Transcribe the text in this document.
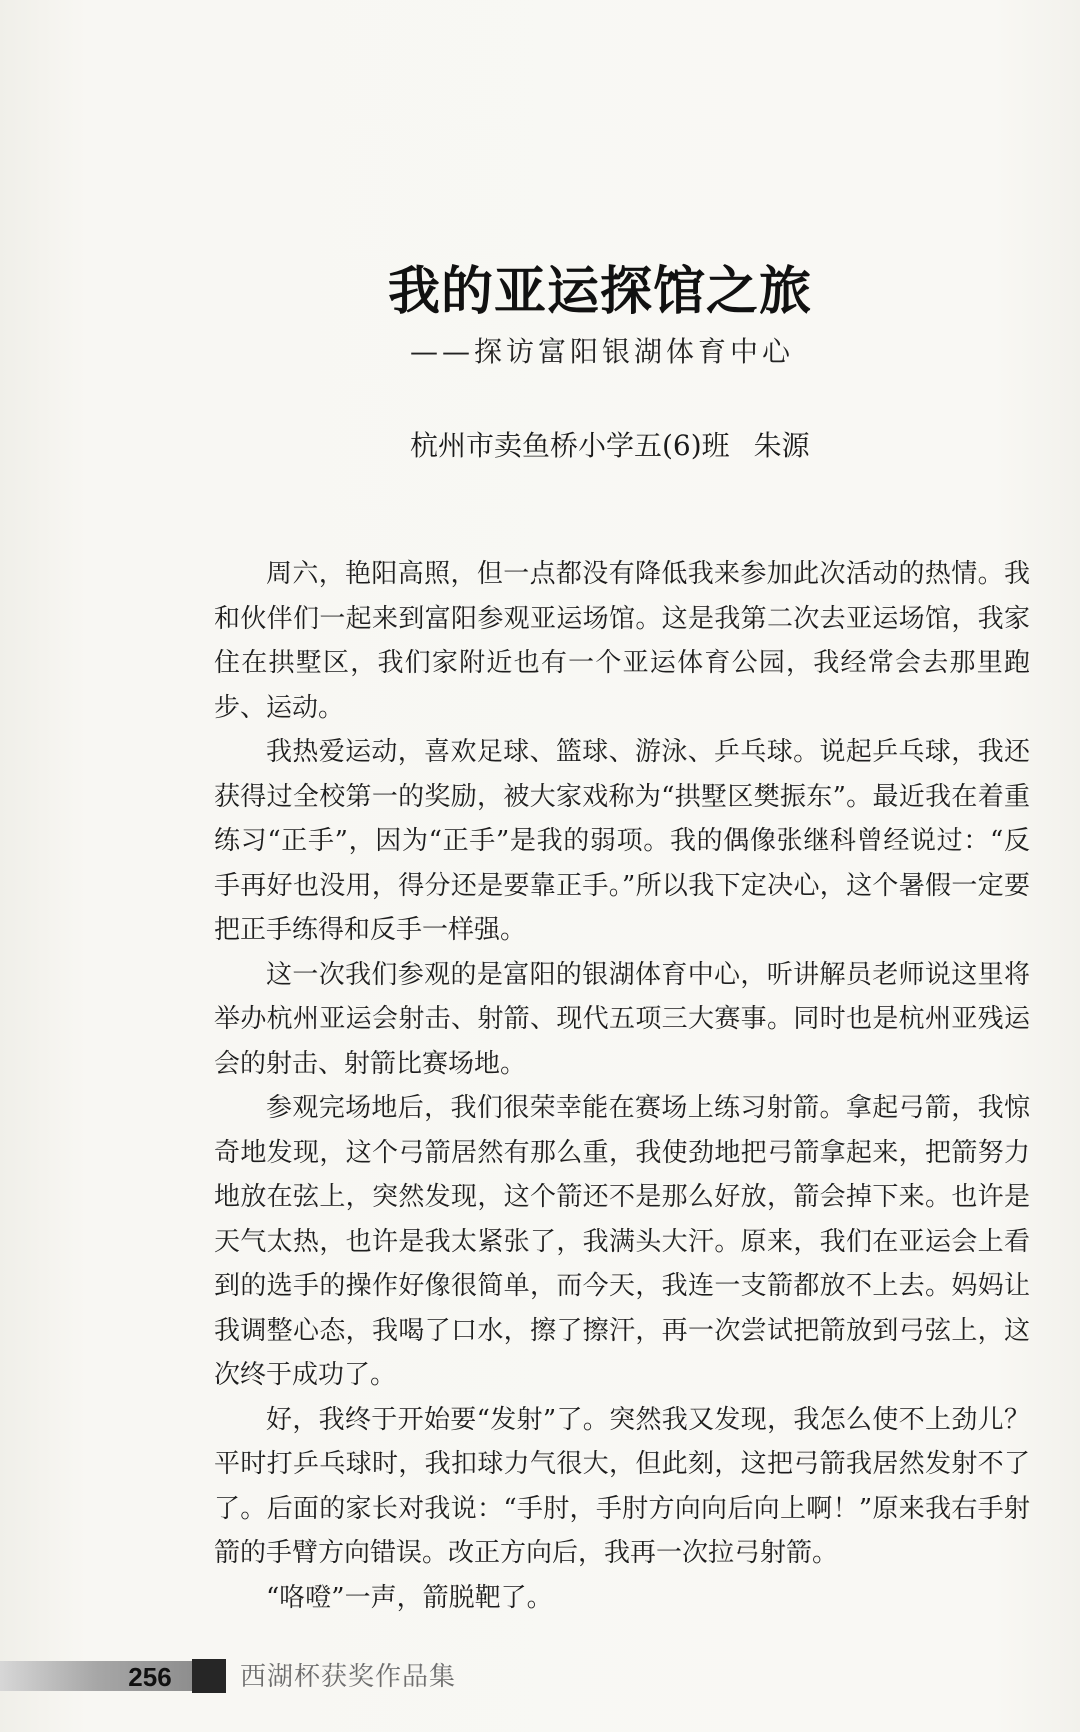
我的亚运探馆之旅
——探访富阳银湖体育中心
杭州市卖鱼桥小学五(6)班 朱源

周六，艳阳高照，但一点都没有降低我来参加此次活动的热情。我和伙伴们一起来到富阳参观亚运场馆。这是我第二次去亚运场馆，我家住在拱墅区，我们家附近也有一个亚运体育公园，我经常会去那里跑步、运动。

我热爱运动，喜欢足球、篮球、游泳、乒乓球。说起乒乓球，我还获得过全校第一的奖励，被大家戏称为“拱墅区樊振东”。最近我在着重练习“正手”，因为“正手”是我的弱项。我的偶像张继科曾经说过：“反手再好也没用，得分还是要靠正手。”所以我下定决心，这个暑假一定要把正手练得和反手一样强。

这一次我们参观的是富阳的银湖体育中心，听讲解员老师说这里将举办杭州亚运会射击、射箭、现代五项三大赛事。同时也是杭州亚残运会的射击、射箭比赛场地。

参观完场地后，我们很荣幸能在赛场上练习射箭。拿起弓箭，我惊奇地发现，这个弓箭居然有那么重，我使劲地把弓箭拿起来，把箭努力地放在弦上，突然发现，这个箭还不是那么好放，箭会掉下来。也许是天气太热，也许是我太紧张了，我满头大汗。原来，我们在亚运会上看到的选手的操作好像很简单，而今天，我连一支箭都放不上去。妈妈让我调整心态，我喝了口水，擦了擦汗，再一次尝试把箭放到弓弦上，这次终于成功了。

好，我终于开始要“发射”了。突然我又发现，我怎么使不上劲儿？平时打乒乓球时，我扣球力气很大，但此刻，这把弓箭我居然发射不了了。后面的家长对我说：“手肘，手肘方向向后向上啊！”原来我右手射箭的手臂方向错误。改正方向后，我再一次拉弓射箭。

“咯噔”一声，箭脱靶了。

256	西湖杯获奖作品集
